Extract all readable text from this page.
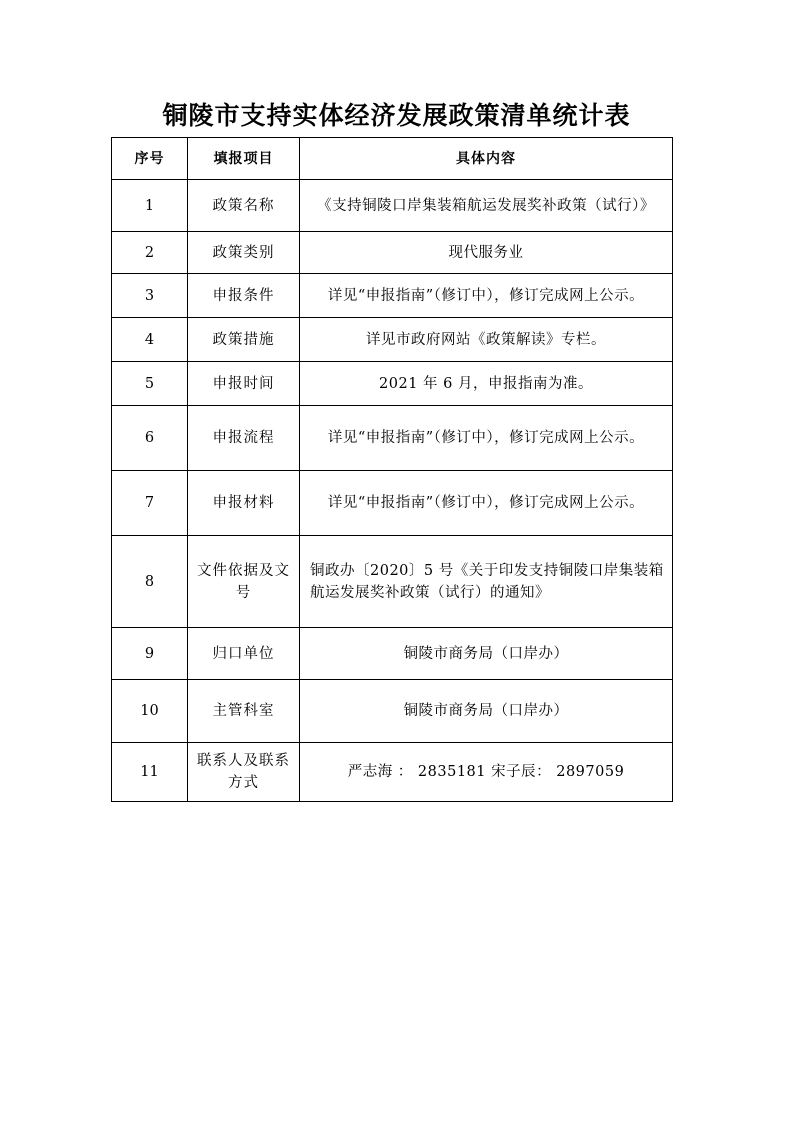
铜陵市支持实体经济发展政策清单统计表
序号	填报项目	具体内容
1	政策名称	《支持铜陵口岸集装箱航运发展奖补政策（试行）》
2	政策类别	现代服务业
3	申报条件	详见“申报指南”（修订中），修订完成网上公示。
4	政策措施	详见市政府网站《政策解读》专栏。
5	申报时间	2021 年 6 月，申报指南为准。
6	申报流程	详见“申报指南”（修订中），修订完成网上公示。
7	申报材料	详见“申报指南”（修订中），修订完成网上公示。
8	文件依据及文号	铜政办〔2020〕5 号《关于印发支持铜陵口岸集装箱航运发展奖补政策（试行）的通知》
9	归口单位	铜陵市商务局（口岸办）
10	主管科室	铜陵市商务局（口岸办）
11	联系人及联系方式	严志海 ： 2835181 宋子辰： 2897059
